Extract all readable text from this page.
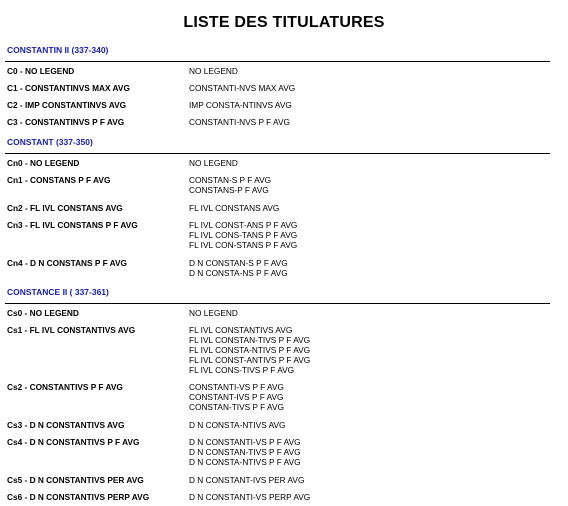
LISTE DES TITULATURES
CONSTANTIN II (337-340)
C0 - NO LEGEND	NO LEGEND
C1 - CONSTANTINVS MAX AVG	CONSTANTI-NVS MAX AVG
C2 - IMP CONSTANTINVS AVG	IMP CONSTA-NTINVS AVG
C3 - CONSTANTINVS P F AVG	CONSTANTI-NVS P F AVG
CONSTANT (337-350)
Cn0 - NO LEGEND	NO LEGEND
Cn1 - CONSTANS P F AVG	CONSTAN-S P F AVG
CONSTANS-P F AVG
Cn2 - FL IVL CONSTANS AVG	FL IVL CONSTANS AVG
Cn3 - FL IVL CONSTANS P F AVG	FL IVL CONST-ANS P F AVG
FL IVL CONS-TANS P F AVG
FL IVL CON-STANS P F AVG
Cn4 - D N CONSTANS P F AVG	D N CONSTAN-S P F AVG
D N CONSTA-NS P F AVG
CONSTANCE II ( 337-361)
Cs0 - NO LEGEND	NO LEGEND
Cs1 - FL IVL CONSTANTIVS AVG	FL IVL CONSTANTIVS AVG
FL IVL CONSTAN-TIVS P F AVG
FL IVL CONSTA-NTIVS P F AVG
FL IVL CONST-ANTIVS P F AVG
FL IVL CONS-TIVS P F AVG
Cs2 - CONSTANTIVS P F AVG	CONSTANTI-VS P F AVG
CONSTANT-IVS P F AVG
CONSTAN-TIVS P F AVG
Cs3 - D N CONSTANTIVS AVG	D N CONSTA-NTIVS AVG
Cs4 - D N CONSTANTIVS P F AVG	D N CONSTANTI-VS P F AVG
D N CONSTAN-TIVS P F AVG
D N CONSTA-NTIVS P F AVG
Cs5 - D N CONSTANTIVS PER AVG	D N CONSTANT-IVS PER AVG
Cs6 - D N CONSTANTIVS PERP AVG	D N CONSTANTI-VS PERP AVG
